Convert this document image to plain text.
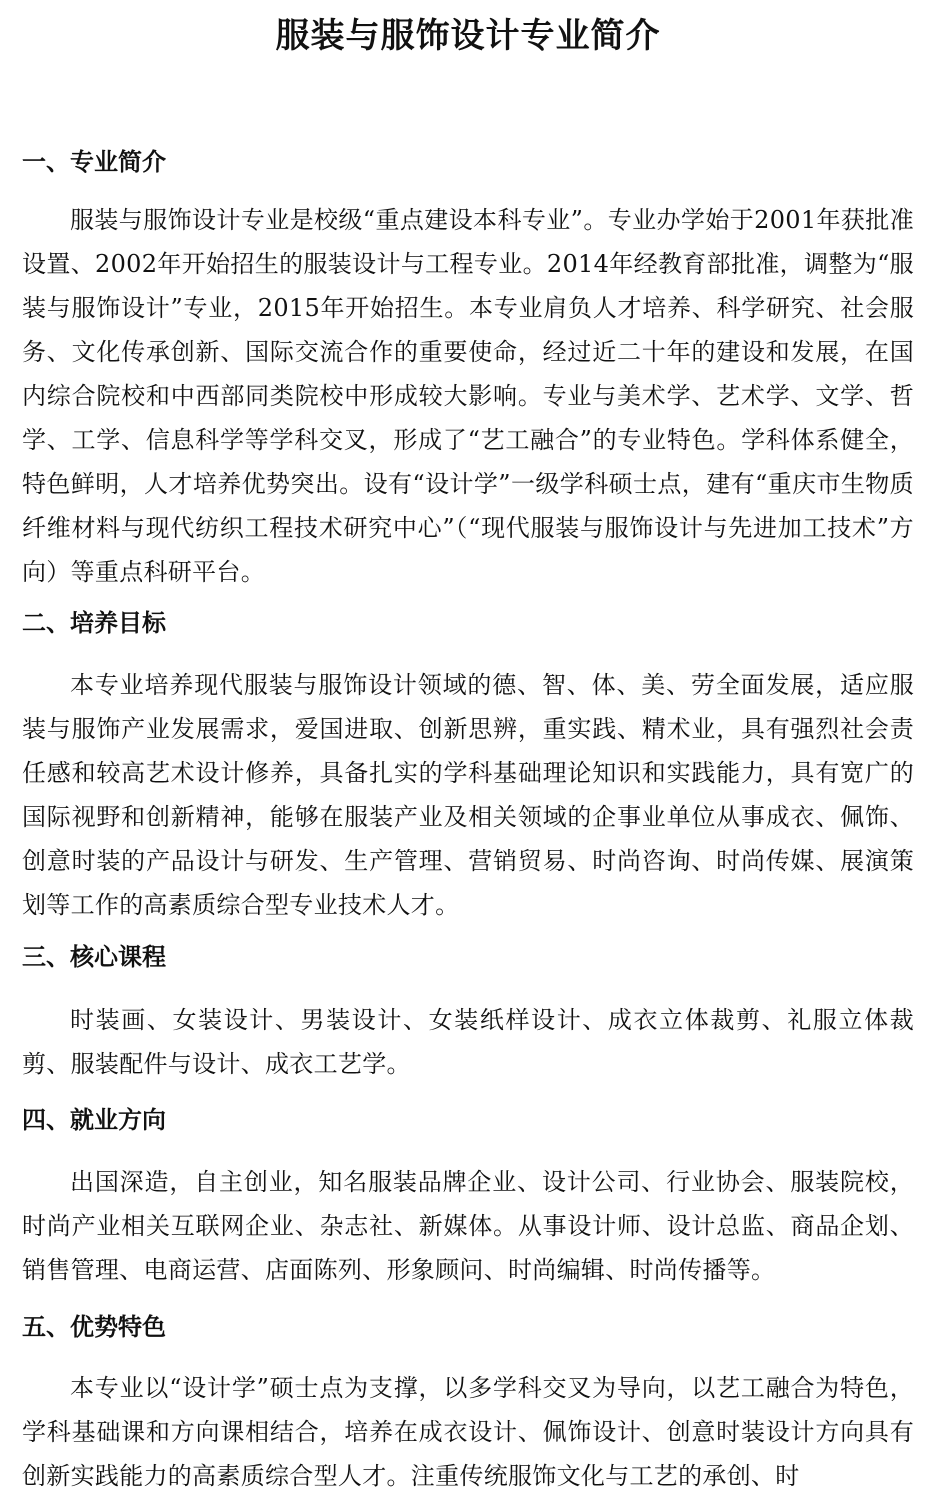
服装与服饰设计专业简介

一、专业简介

服装与服饰设计专业是校级“重点建设本科专业”。专业办学始于2001年获批准设置、2002年开始招生的服装设计与工程专业。2014年经教育部批准，调整为“服装与服饰设计”专业，2015年开始招生。本专业肩负人才培养、科学研究、社会服务、文化传承创新、国际交流合作的重要使命，经过近二十年的建设和发展，在国内综合院校和中西部同类院校中形成较大影响。专业与美术学、艺术学、文学、哲学、工学、信息科学等学科交叉，形成了“艺工融合”的专业特色。学科体系健全，特色鲜明，人才培养优势突出。设有“设计学”一级学科硕士点，建有“重庆市生物质纤维材料与现代纺织工程技术研究中心”（“现代服装与服饰设计与先进加工技术”方向）等重点科研平台。

二、培养目标

本专业培养现代服装与服饰设计领域的德、智、体、美、劳全面发展，适应服装与服饰产业发展需求，爱国进取、创新思辨，重实践、精术业，具有强烈社会责任感和较高艺术设计修养，具备扎实的学科基础理论知识和实践能力，具有宽广的国际视野和创新精神，能够在服装产业及相关领域的企事业单位从事成衣、佩饰、创意时装的产品设计与研发、生产管理、营销贸易、时尚咨询、时尚传媒、展演策划等工作的高素质综合型专业技术人才。

三、核心课程

时装画、女装设计、男装设计、女装纸样设计、成衣立体裁剪、礼服立体裁剪、服装配件与设计、成衣工艺学。

四、就业方向

出国深造，自主创业，知名服装品牌企业、设计公司、行业协会、服装院校，时尚产业相关互联网企业、杂志社、新媒体。从事设计师、设计总监、商品企划、销售管理、电商运营、店面陈列、形象顾问、时尚编辑、时尚传播等。

五、优势特色

本专业以“设计学”硕士点为支撑，以多学科交叉为导向，以艺工融合为特色，学科基础课和方向课相结合，培养在成衣设计、佩饰设计、创意时装设计方向具有创新实践能力的高素质综合型人才。注重传统服饰文化与工艺的承创、时
